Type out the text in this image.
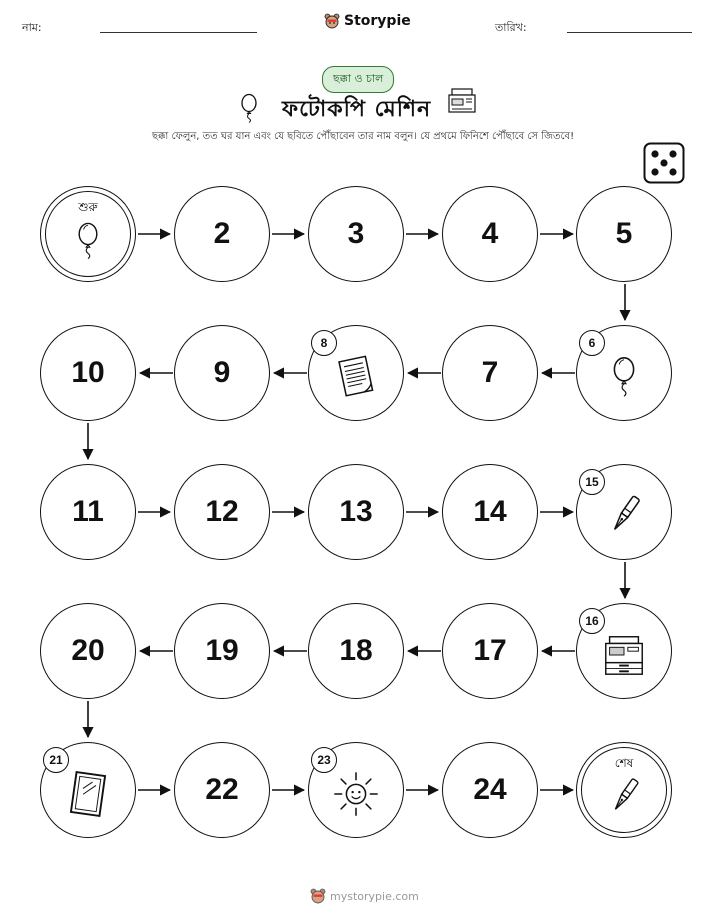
নাম:	Storypie	তারিখ:
ছক্কা ও চাল
ফটোকপি মেশিন
ছক্কা ফেলুন, তত ঘর যান এবং যে ছবিতে পৌঁছাবেন তার নাম বলুন। যে প্রথমে ফিনিশে পৌঁছাবে সে জিতবে!
শুরু
2	3	4	5
6
7
8
9
10
11	12	13	14
15
16
17
18
19
20
21
22
23
24
শেষ
mystorypie.com
